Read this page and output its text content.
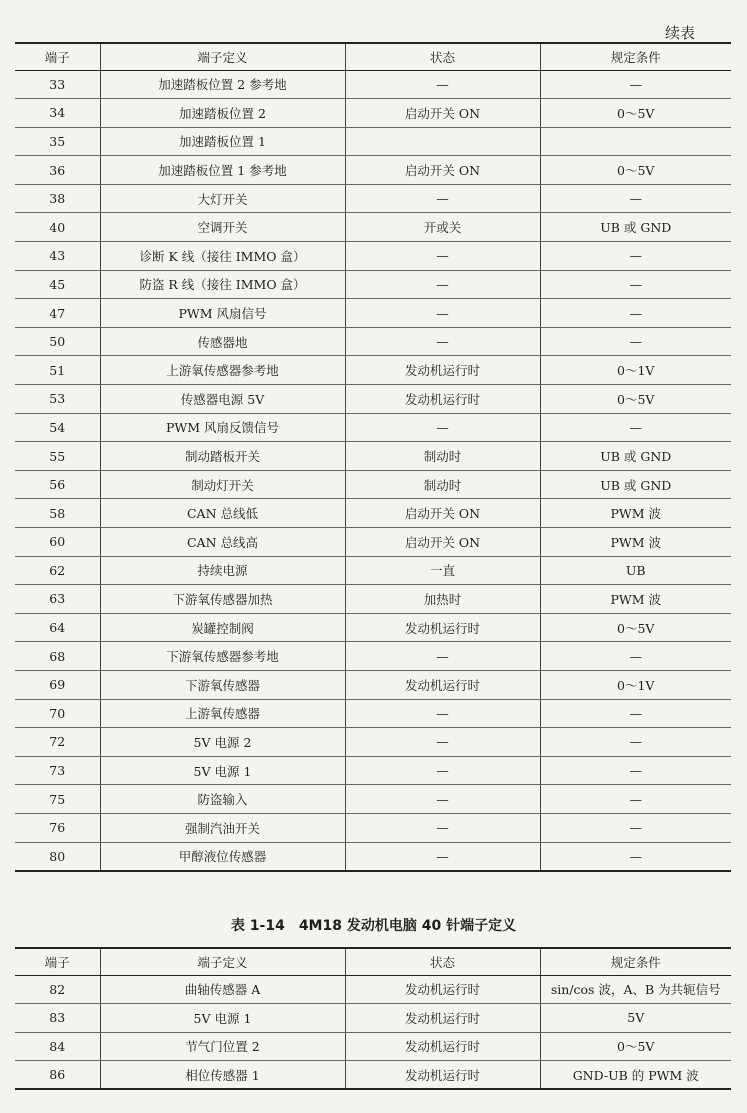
续表
端子	端子定义	状态	规定条件
33	加速踏板位置 2 参考地	—	—
34	加速踏板位置 2	启动开关 ON	0～5V
35	加速踏板位置 1		
36	加速踏板位置 1 参考地	启动开关 ON	0～5V
38	大灯开关	—	—
40	空调开关	开或关	UB 或 GND
43	诊断 K 线（接往 IMMO 盒）	—	—
45	防盗 R 线（接往 IMMO 盒）	—	—
47	PWM 风扇信号	—	—
50	传感器地	—	—
51	上游氧传感器参考地	发动机运行时	0～1V
53	传感器电源 5V	发动机运行时	0～5V
54	PWM 风扇反馈信号	—	—
55	制动踏板开关	制动时	UB 或 GND
56	制动灯开关	制动时	UB 或 GND
58	CAN 总线低	启动开关 ON	PWM 波
60	CAN 总线高	启动开关 ON	PWM 波
62	持续电源	一直	UB
63	下游氧传感器加热	加热时	PWM 波
64	炭罐控制阀	发动机运行时	0～5V
68	下游氧传感器参考地	—	—
69	下游氧传感器	发动机运行时	0～1V
70	上游氧传感器	—	—
72	5V 电源 2	—	—
73	5V 电源 1	—	—
75	防盗输入	—	—
76	强制汽油开关	—	—
80	甲醇液位传感器	—	—
表 1-14　4M18 发动机电脑 40 针端子定义
端子	端子定义	状态	规定条件
82	曲轴传感器 A	发动机运行时	sin/cos 波，A、B 为共轭信号
83	5V 电源 1	发动机运行时	5V
84	节气门位置 2	发动机运行时	0～5V
86	相位传感器 1	发动机运行时	GND-UB 的 PWM 波
